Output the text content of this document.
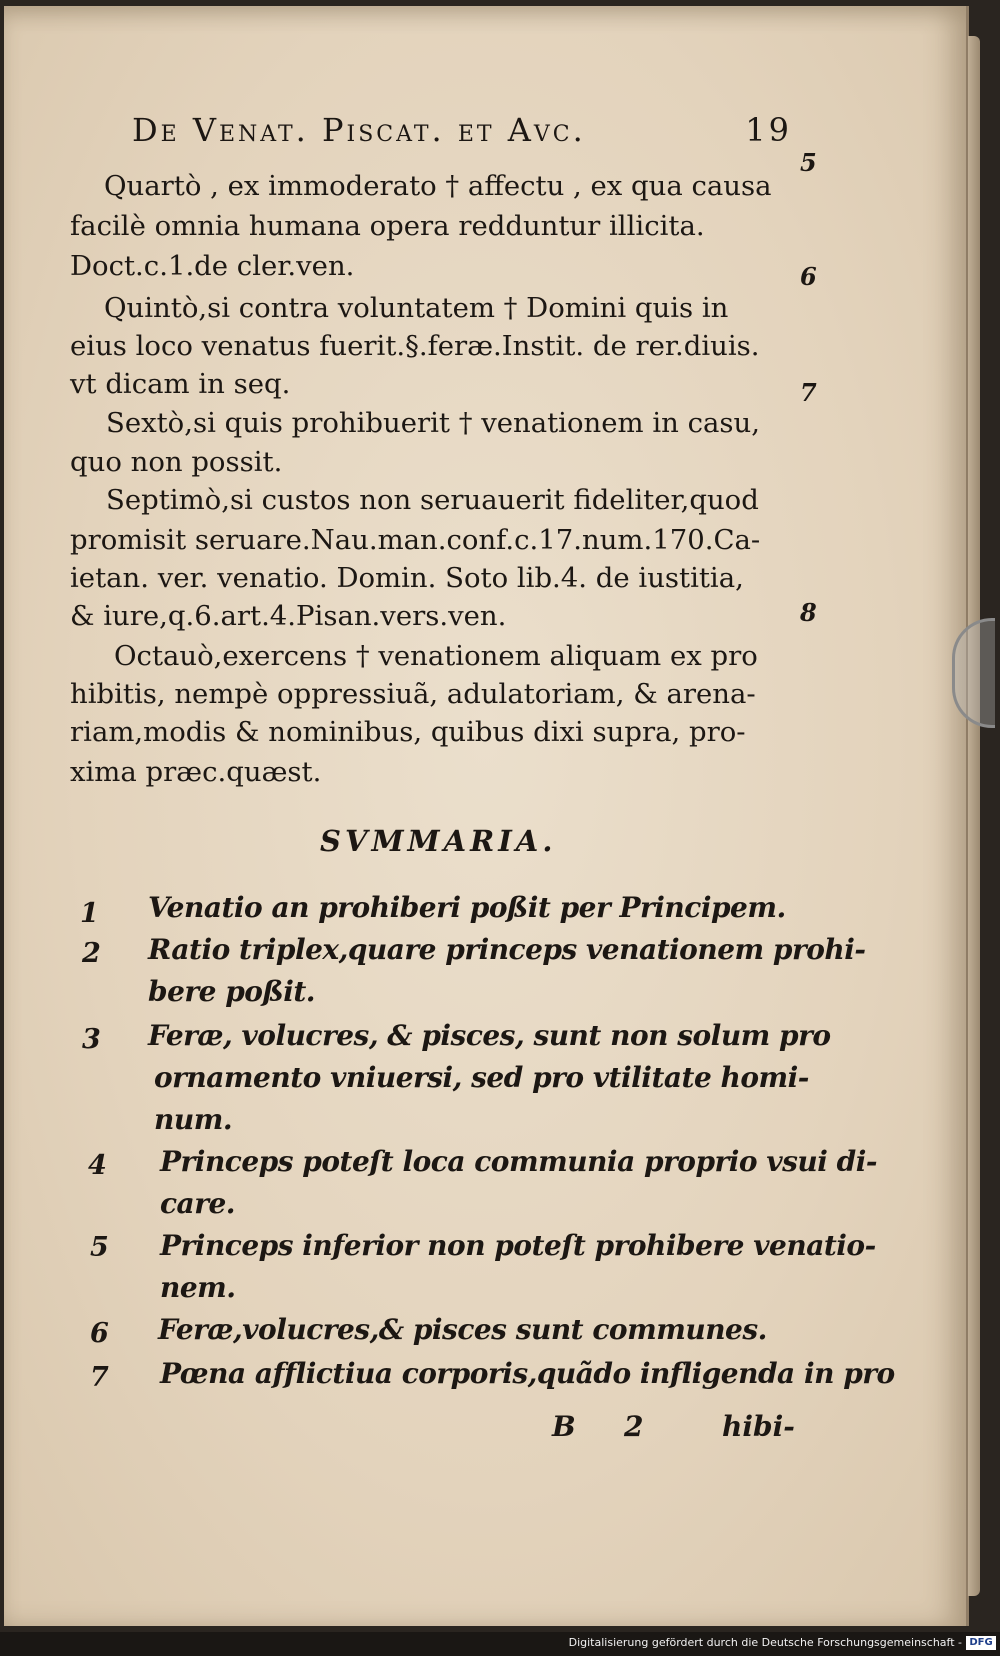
De Venat. Piscat. et Avc.	19
Quartò , ex immoderato † affectu , ex qua causa
facilè omnia humana opera redduntur illicita.
Doct.c.1.de cler.ven.
Quintò,si contra voluntatem † Domini quis in
eius loco venatus fuerit.§.feræ.Instit. de rer.diuis.
vt dicam in seq.
Sextò,si quis prohibuerit † venationem in casu,
quo non possit.
Septimò,si custos non seruauerit fideliter,quod
promisit seruare.Nau.man.conf.c.17.num.170.Ca-
ietan. ver. venatio. Domin. Soto lib.4. de iustitia,
& iure,q.6.art.4.Pisan.vers.ven.
Octauò,exercens † venationem aliquam ex pro
hibitis, nempè oppressiuã, adulatoriam, & arena-
riam,modis & nominibus, quibus dixi supra, pro-
xima præc.quæst.
5
6
7
8
SVMMARIA.
1
2
3
4
5
6
7
Venatio an prohiberi poßit per Principem.
Ratio triplex,quare princeps venationem prohi-
bere poßit.
Feræ, volucres, & pisces, sunt non solum pro
ornamento vniuersi, sed pro vtilitate homi-
num.
Princeps poteſt loca communia proprio vsui di-
care.
Princeps inferior non poteſt prohibere venatio-
nem.
Feræ,volucres,& pisces sunt communes.
Pœna afflictiua corporis,quãdo infligenda in pro
B 2	hibi-
Digitalisierung gefördert durch die Deutsche Forschungsgemeinschaft - DFG
